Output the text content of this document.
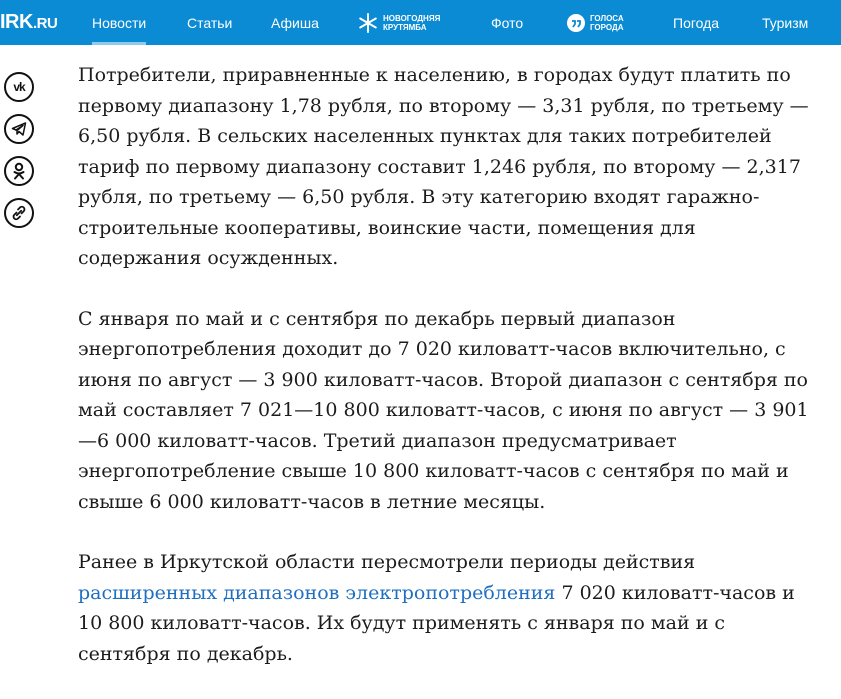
IRK.RU Новости	Статьи	Афиша	НОВОГОДНЯЯ
КРУТЯМБА	Фото	ГОЛОСА
ГОРОДА	Погода	Туризм
vk

Потребители, приравненные к населению, в городах будут платить по первому диапазону 1,78 рубля, по второму — 3,31 рубля, по третьему — 6,50 рубля. В сельских населенных пунктах для таких потребителей тариф по первому диапазону составит 1,246 рубля, по второму — 2,317 рубля, по третьему — 6,50 рубля. В эту категорию входят гаражно-строительные кооперативы, воинские части, помещения для содержания осужденных.

С января по май и с сентября по декабрь первый диапазон энергопотребления доходит до 7 020 киловатт-часов включительно, с июня по август — 3 900 киловатт-часов. Второй диапазон с сентября по май составляет 7 021—10 800 киловатт-часов, с июня по август — 3 901—6 000 киловатт-часов. Третий диапазон предусматривает энергопотребление свыше 10 800 киловатт-часов с сентября по май и свыше 6 000 киловатт-часов в летние месяцы.

Ранее в Иркутской области пересмотрели периоды действия расширенных диапазонов электропотребления 7 020 киловатт-часов и 10 800 киловатт-часов. Их будут применять с января по май и с сентября по декабрь.
